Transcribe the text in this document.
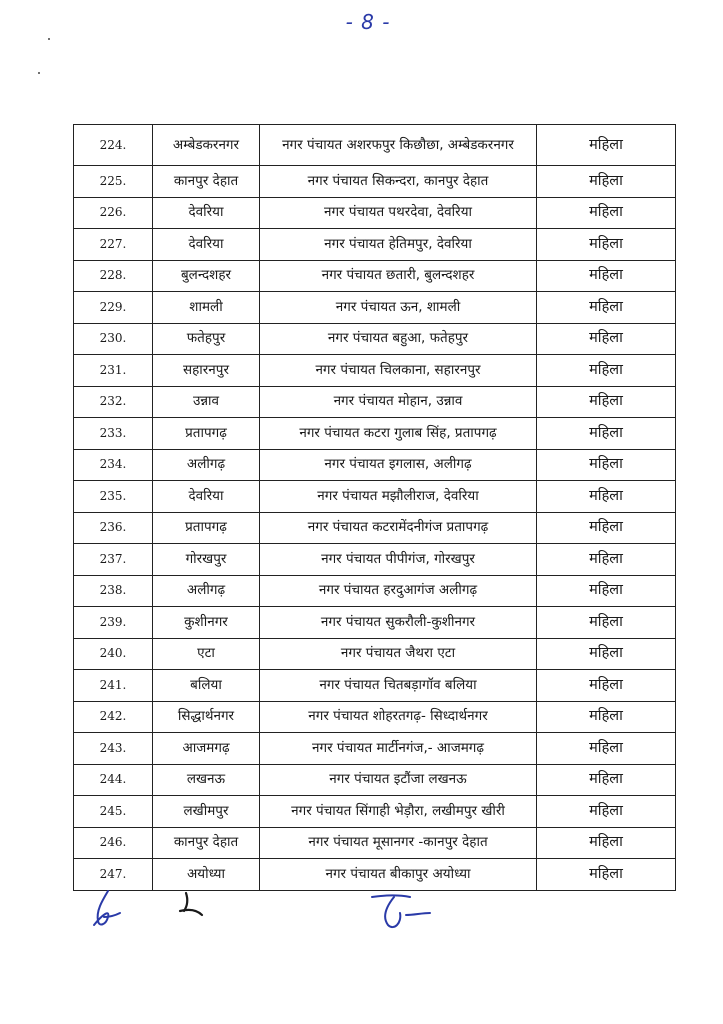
- 8 -
224.	अम्बेडकरनगर	नगर पंचायत अशरफपुर किछौछा, अम्बेडकरनगर	महिला
225.	कानपुर देहात	नगर पंचायत सिकन्दरा, कानपुर देहात	महिला
226.	देवरिया	नगर पंचायत पथरदेवा, देवरिया	महिला
227.	देवरिया	नगर पंचायत हेतिमपुर, देवरिया	महिला
228.	बुलन्दशहर	नगर पंचायत छतारी, बुलन्दशहर	महिला
229.	शामली	नगर पंचायत ऊन, शामली	महिला
230.	फतेहपुर	नगर पंचायत बहुआ, फतेहपुर	महिला
231.	सहारनपुर	नगर पंचायत चिलकाना, सहारनपुर	महिला
232.	उन्नाव	नगर पंचायत मोहान, उन्नाव	महिला
233.	प्रतापगढ़	नगर पंचायत कटरा गुलाब सिंह, प्रतापगढ़	महिला
234.	अलीगढ़	नगर पंचायत इगलास, अलीगढ़	महिला
235.	देवरिया	नगर पंचायत मझौलीराज, देवरिया	महिला
236.	प्रतापगढ़	नगर पंचायत कटरामेंदनीगंज प्रतापगढ़	महिला
237.	गोरखपुर	नगर पंचायत पीपीगंज, गोरखपुर	महिला
238.	अलीगढ़	नगर पंचायत हरदुआगंज अलीगढ़	महिला
239.	कुशीनगर	नगर पंचायत सुकरौली-कुशीनगर	महिला
240.	एटा	नगर पंचायत जैथरा एटा	महिला
241.	बलिया	नगर पंचायत चितबड़ागॉव बलिया	महिला
242.	सिद्धार्थनगर	नगर पंचायत शोहरतगढ़- सिध्दार्थनगर	महिला
243.	आजमगढ़	नगर पंचायत मार्टीनगंज,- आजमगढ़	महिला
244.	लखनऊ	नगर पंचायत इटौंजा लखनऊ	महिला
245.	लखीमपुर	नगर पंचायत सिंगाही भेड़ौरा, लखीमपुर खीरी	महिला
246.	कानपुर देहात	नगर पंचायत मूसानगर -कानपुर देहात	महिला
247.	अयोध्या	नगर पंचायत बीकापुर अयोध्या	महिला
